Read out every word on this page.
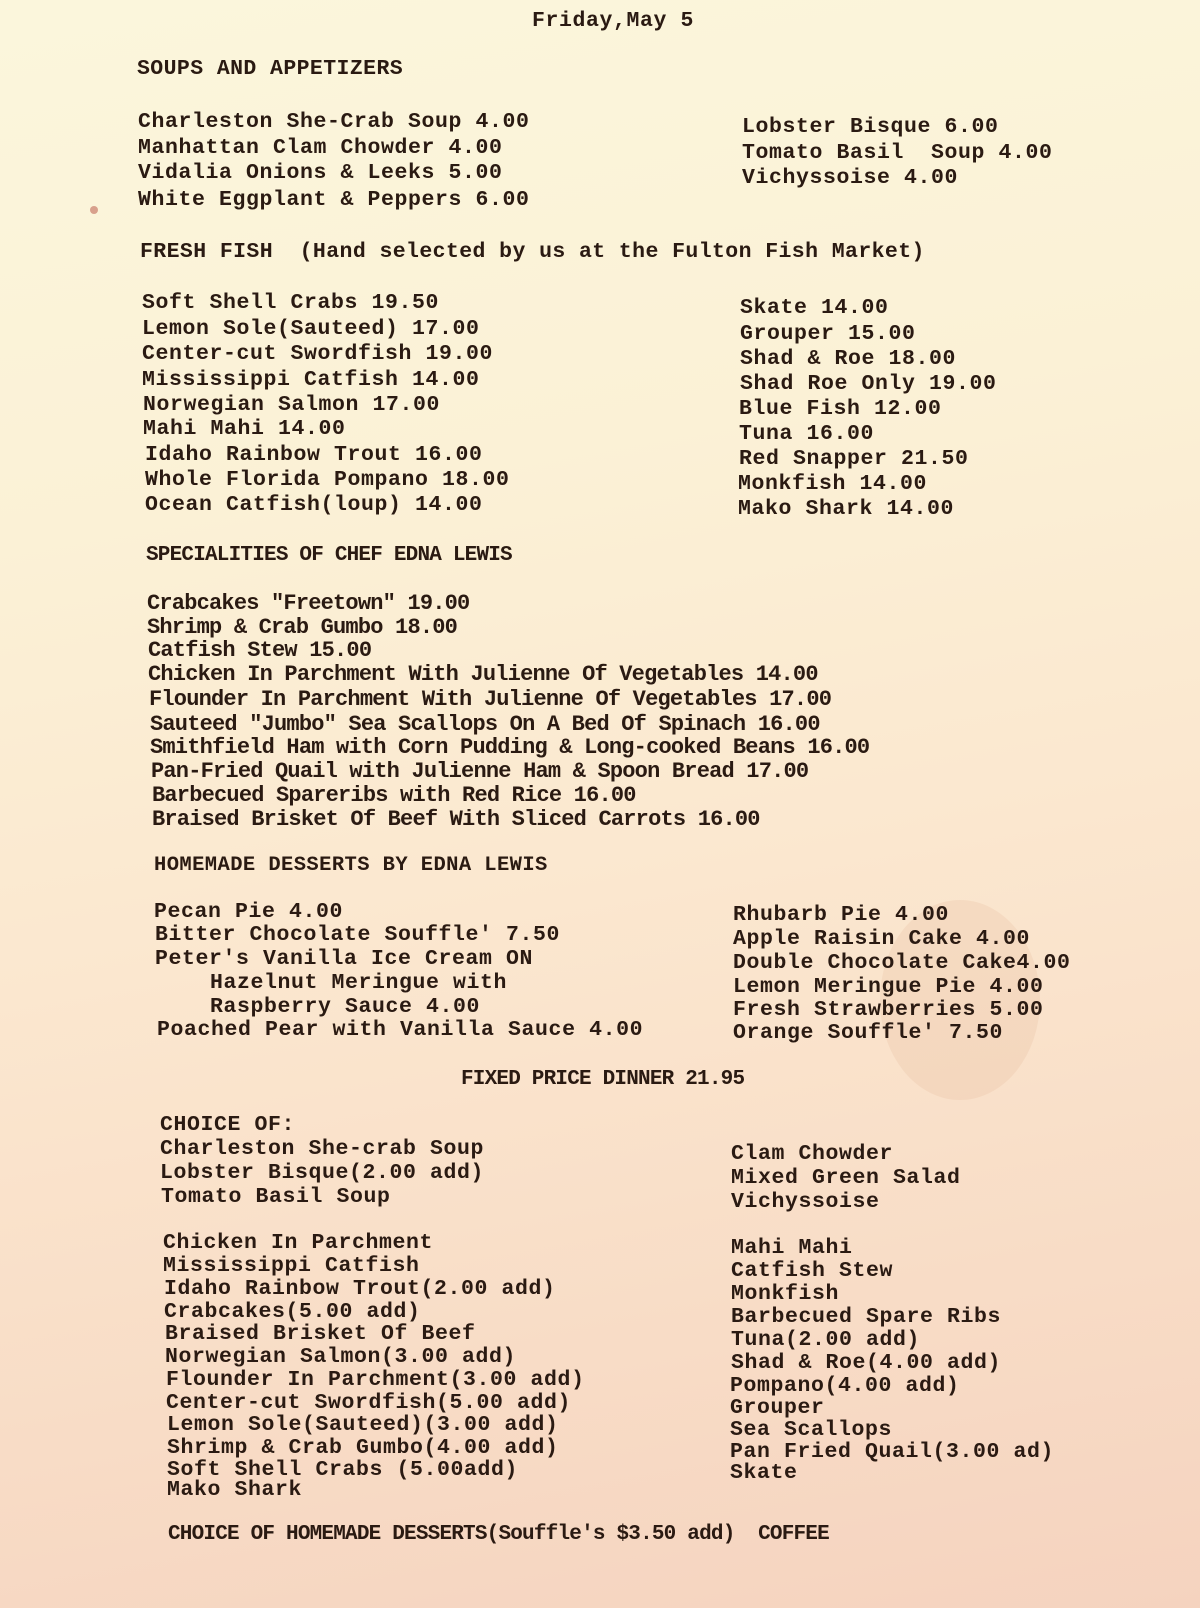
Friday,May 5
SOUPS AND APPETIZERS
Charleston She-Crab Soup 4.00
Manhattan Clam Chowder 4.00
Vidalia Onions & Leeks 5.00
White Eggplant & Peppers 6.00
Lobster Bisque 6.00
Tomato Basil  Soup 4.00
Vichyssoise 4.00
FRESH FISH  (Hand selected by us at the Fulton Fish Market)
Soft Shell Crabs 19.50
Lemon Sole(Sauteed) 17.00
Center-cut Swordfish 19.00
Mississippi Catfish 14.00
Norwegian Salmon 17.00
Mahi Mahi 14.00
Idaho Rainbow Trout 16.00
Whole Florida Pompano 18.00
Ocean Catfish(loup) 14.00
Skate 14.00
Grouper 15.00
Shad & Roe 18.00
Shad Roe Only 19.00
Blue Fish 12.00
Tuna 16.00
Red Snapper 21.50
Monkfish 14.00
Mako Shark 14.00
SPECIALITIES OF CHEF EDNA LEWIS
Crabcakes "Freetown" 19.00
Shrimp & Crab Gumbo 18.00
Catfish Stew 15.00
Chicken In Parchment With Julienne Of Vegetables 14.00
Flounder In Parchment With Julienne Of Vegetables 17.00
Sauteed "Jumbo" Sea Scallops On A Bed Of Spinach 16.00
Smithfield Ham with Corn Pudding & Long-cooked Beans 16.00
Pan-Fried Quail with Julienne Ham & Spoon Bread 17.00
Barbecued Spareribs with Red Rice 16.00
Braised Brisket Of Beef With Sliced Carrots 16.00
HOMEMADE DESSERTS BY EDNA LEWIS
Pecan Pie 4.00
Bitter Chocolate Souffle' 7.50
Peter's Vanilla Ice Cream ON
Hazelnut Meringue with
Raspberry Sauce 4.00
Poached Pear with Vanilla Sauce 4.00
Rhubarb Pie 4.00
Apple Raisin Cake 4.00
Double Chocolate Cake4.00
Lemon Meringue Pie 4.00
Fresh Strawberries 5.00
Orange Souffle' 7.50
FIXED PRICE DINNER 21.95
CHOICE OF:
Charleston She-crab Soup
Lobster Bisque(2.00 add)
Tomato Basil Soup
Clam Chowder
Mixed Green Salad
Vichyssoise
Chicken In Parchment
Mississippi Catfish
Idaho Rainbow Trout(2.00 add)
Crabcakes(5.00 add)
Braised Brisket Of Beef
Norwegian Salmon(3.00 add)
Flounder In Parchment(3.00 add)
Center-cut Swordfish(5.00 add)
Lemon Sole(Sauteed)(3.00 add)
Shrimp & Crab Gumbo(4.00 add)
Soft Shell Crabs (5.00add)
Mako Shark
Mahi Mahi
Catfish Stew
Monkfish
Barbecued Spare Ribs
Tuna(2.00 add)
Shad & Roe(4.00 add)
Pompano(4.00 add)
Grouper
Sea Scallops
Pan Fried Quail(3.00 ad)
Skate
CHOICE OF HOMEMADE DESSERTS(Souffle's $3.50 add)  COFFEE
